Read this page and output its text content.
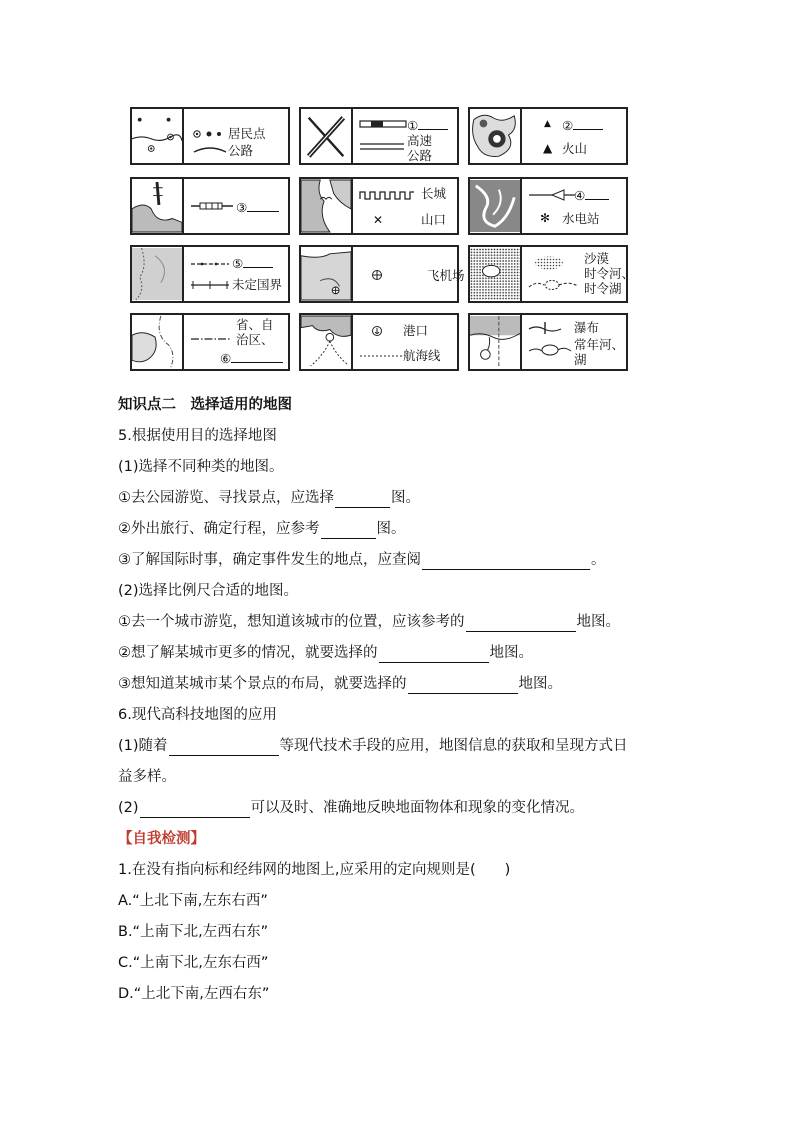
居民点
公路
①
高速
公路
▲ ②
▲ 火山
③
长城
✕	山口
④
✻ 水电站
⑤
未定国界
飞机场
沙漠
时令河、
时令湖
省、自
治区、
⑥
港口
航海线
瀑布
常年河、
湖
知识点二　选择适用的地图
5.根据使用目的选择地图
(1)选择不同种类的地图。
①去公园游览、寻找景点，应选择	图。
②外出旅行、确定行程，应参考	图。
③了解国际时事，确定事件发生的地点，应查阅	。
(2)选择比例尺合适的地图。
①去一个城市游览，想知道该城市的位置，应该参考的	地图。
②想了解某城市更多的情况，就要选择的	地图。
③想知道某城市某个景点的布局，就要选择的	地图。
6.现代高科技地图的应用
(1)随着	等现代技术手段的应用，地图信息的获取和呈现方式日
益多样。
(2)	可以及时、准确地反映地面物体和现象的变化情况。
【自我检测】
1.在没有指向标和经纬网的地图上,应采用的定向规则是(　　)
A.“上北下南,左东右西”
B.“上南下北,左西右东”
C.“上南下北,左东右西”
D.“上北下南,左西右东”
